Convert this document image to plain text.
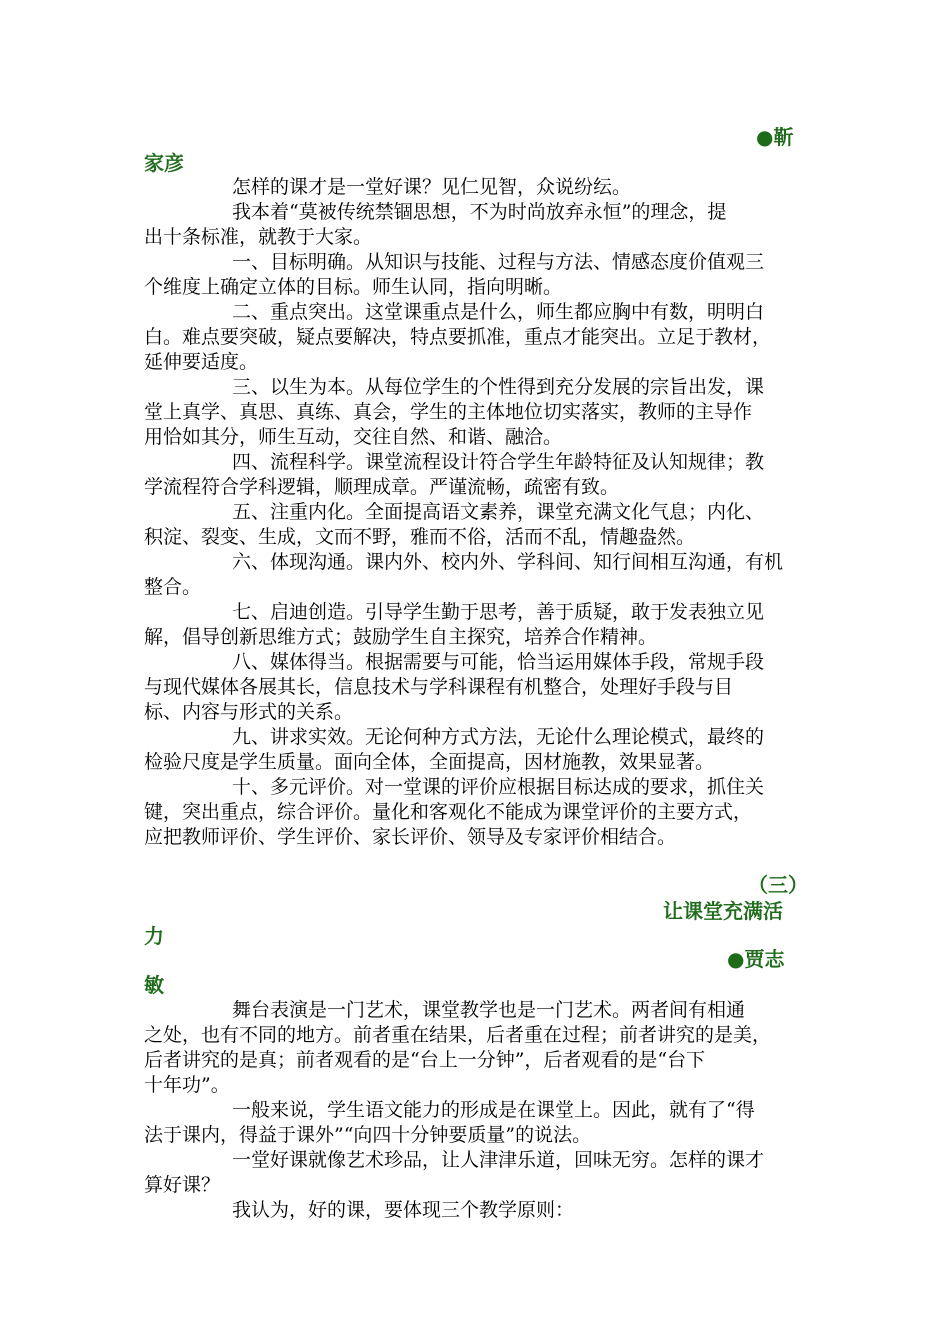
●靳
家彦
怎样的课才是一堂好课？见仁见智，众说纷纭。
我本着“莫被传统禁锢思想，不为时尚放弃永恒”的理念，提
出十条标准，就教于大家。
一、目标明确。从知识与技能、过程与方法、情感态度价值观三
个维度上确定立体的目标。师生认同，指向明晰。
二、重点突出。这堂课重点是什么，师生都应胸中有数，明明白
白。难点要突破，疑点要解决，特点要抓准，重点才能突出。立足于教材，
延伸要适度。
三、以生为本。从每位学生的个性得到充分发展的宗旨出发，课
堂上真学、真思、真练、真会，学生的主体地位切实落实，教师的主导作
用恰如其分，师生互动，交往自然、和谐、融洽。
四、流程科学。课堂流程设计符合学生年龄特征及认知规律；教
学流程符合学科逻辑，顺理成章。严谨流畅，疏密有致。
五、注重内化。全面提高语文素养，课堂充满文化气息；内化、
积淀、裂变、生成，文而不野，雅而不俗，活而不乱，情趣盎然。
六、体现沟通。课内外、校内外、学科间、知行间相互沟通，有机
整合。
七、启迪创造。引导学生勤于思考，善于质疑，敢于发表独立见
解，倡导创新思维方式；鼓励学生自主探究，培养合作精神。
八、媒体得当。根据需要与可能，恰当运用媒体手段，常规手段
与现代媒体各展其长，信息技术与学科课程有机整合，处理好手段与目
标、内容与形式的关系。
九、讲求实效。无论何种方式方法，无论什么理论模式，最终的
检验尺度是学生质量。面向全体，全面提高，因材施教，效果显著。
十、多元评价。对一堂课的评价应根据目标达成的要求，抓住关
键，突出重点，综合评价。量化和客观化不能成为课堂评价的主要方式，
应把教师评价、学生评价、家长评价、领导及专家评价相结合。
（三）
让课堂充满活
力
●贾志
敏
舞台表演是一门艺术，课堂教学也是一门艺术。两者间有相通
之处，也有不同的地方。前者重在结果，后者重在过程；前者讲究的是美，
后者讲究的是真；前者观看的是“台上一分钟”，后者观看的是“台下
十年功”。
一般来说，学生语文能力的形成是在课堂上。因此，就有了“得
法于课内，得益于课外”“向四十分钟要质量”的说法。
一堂好课就像艺术珍品，让人津津乐道，回味无穷。怎样的课才
算好课？
我认为，好的课，要体现三个教学原则：
